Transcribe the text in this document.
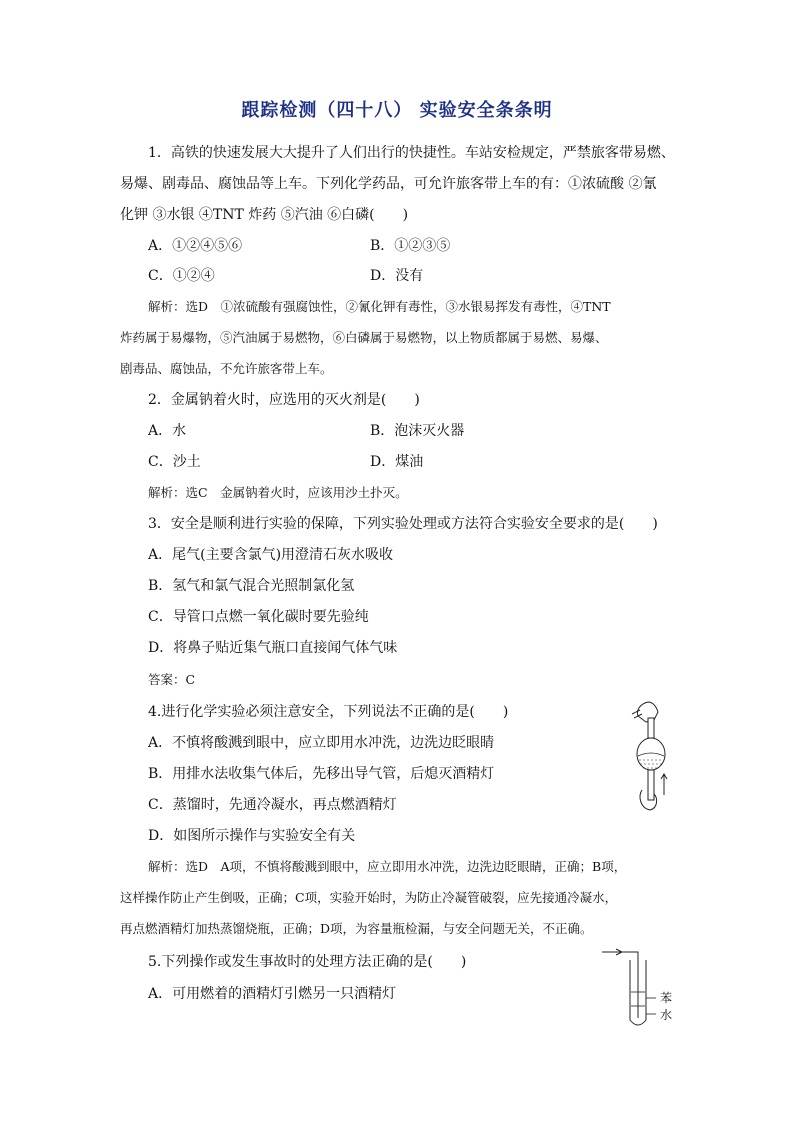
跟踪检测（四十八） 实验安全条条明
1．高铁的快速发展大大提升了人们出行的快捷性。车站安检规定，严禁旅客带易燃、
易爆、剧毒品、腐蚀品等上车。下列化学药品，可允许旅客带上车的有：①浓硫酸 ②氰
化钾 ③水银 ④TNT 炸药 ⑤汽油 ⑥白磷(　　)
A．①②④⑤⑥	B．①②③⑤
C．①②④	D．没有
解析：选D　①浓硫酸有强腐蚀性，②氰化钾有毒性，③水银易挥发有毒性，④TNT
炸药属于易爆物，⑤汽油属于易燃物，⑥白磷属于易燃物，以上物质都属于易燃、易爆、
剧毒品、腐蚀品，不允许旅客带上车。
2．金属钠着火时，应选用的灭火剂是(　　)
A．水	B．泡沫灭火器
C．沙土	D．煤油
解析：选C　金属钠着火时，应该用沙土扑灭。
3．安全是顺利进行实验的保障，下列实验处理或方法符合实验安全要求的是(　　)
A．尾气(主要含氯气)用澄清石灰水吸收
B．氢气和氯气混合光照制氯化氢
C．导管口点燃一氧化碳时要先验纯
D．将鼻子贴近集气瓶口直接闻气体气味
答案：C
4.进行化学实验必须注意安全，下列说法不正确的是(　　)
A．不慎将酸溅到眼中，应立即用水冲洗，边洗边眨眼睛
B．用排水法收集气体后，先移出导气管，后熄灭酒精灯
C．蒸馏时，先通冷凝水，再点燃酒精灯
D．如图所示操作与实验安全有关
解析：选D　A项，不慎将酸溅到眼中，应立即用水冲洗，边洗边眨眼睛，正确；B项，
这样操作防止产生倒吸，正确；C项，实验开始时，为防止冷凝管破裂，应先接通冷凝水，
再点燃酒精灯加热蒸馏烧瓶，正确；D项，为容量瓶检漏，与安全问题无关，不正确。
5.下列操作或发生事故时的处理方法正确的是(　　)
A．可用燃着的酒精灯引燃另一只酒精灯	苯
水
